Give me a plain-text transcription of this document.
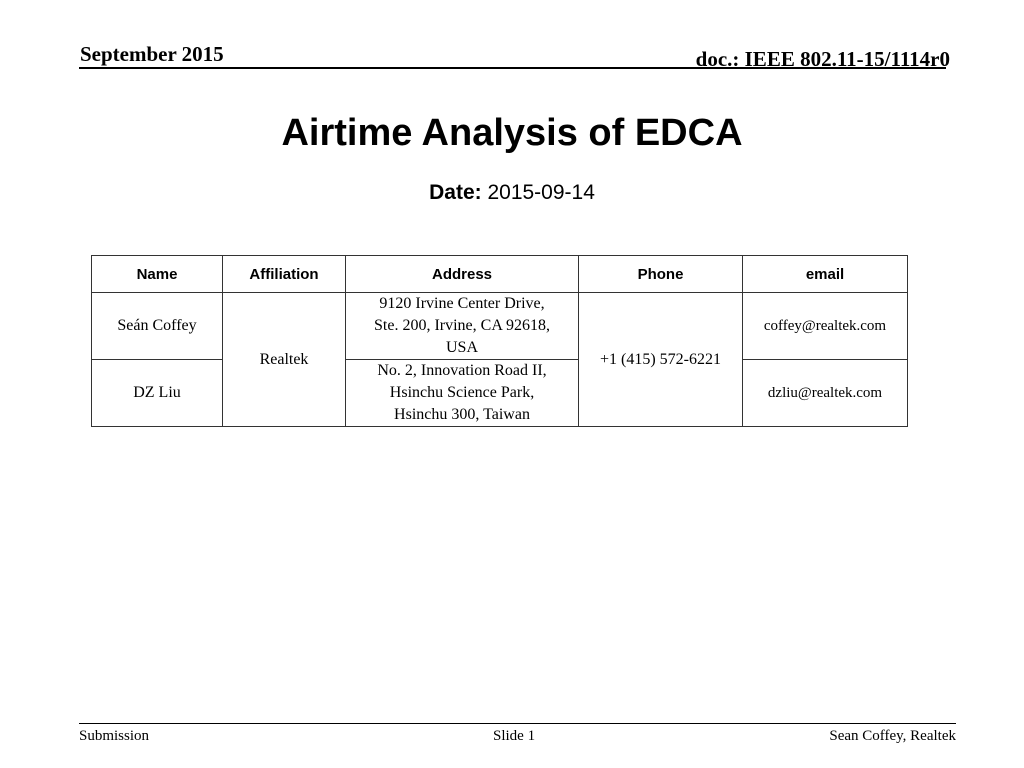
September 2015	doc.: IEEE 802.11-15/1114r0
Airtime Analysis of EDCA
Date: 2015-09-14
Name	Affiliation	Address	Phone	email
Seán Coffey	Realtek	9120 Irvine Center Drive,
Ste. 200, Irvine, CA 92618,
USA	+1 (415) 572-6221	coffey@realtek.com
DZ Liu		No. 2, Innovation Road II,
Hsinchu Science Park,
Hsinchu 300, Taiwan		dzliu@realtek.com
Submission	Slide 1	Sean Coffey, Realtek
